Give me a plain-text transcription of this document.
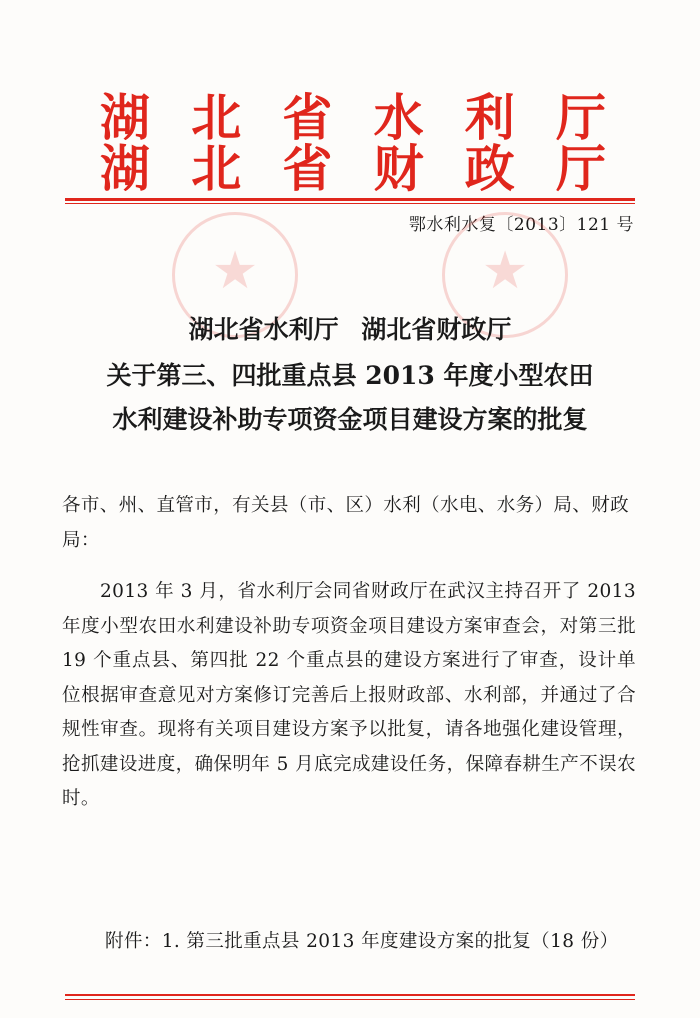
湖 北 省 水 利 厅
湖 北 省 财 政 厅
鄂水利水复〔2013〕121 号
★	★
湖北省水利厅 湖北省财政厅
关于第三、四批重点县 2013 年度小型农田
水利建设补助专项资金项目建设方案的批复
各市、州、直管市，有关县（市、区）水利（水电、水务）局、财政局：
2013 年 3 月，省水利厅会同省财政厅在武汉主持召开了 2013 年度小型农田水利建设补助专项资金项目建设方案审查会，对第三批 19 个重点县、第四批 22 个重点县的建设方案进行了审查，设计单位根据审查意见对方案修订完善后上报财政部、水利部，并通过了合规性审查。现将有关项目建设方案予以批复，请各地强化建设管理，抢抓建设进度，确保明年 5 月底完成建设任务，保障春耕生产不误农时。
附件：1. 第三批重点县 2013 年度建设方案的批复（18 份）
